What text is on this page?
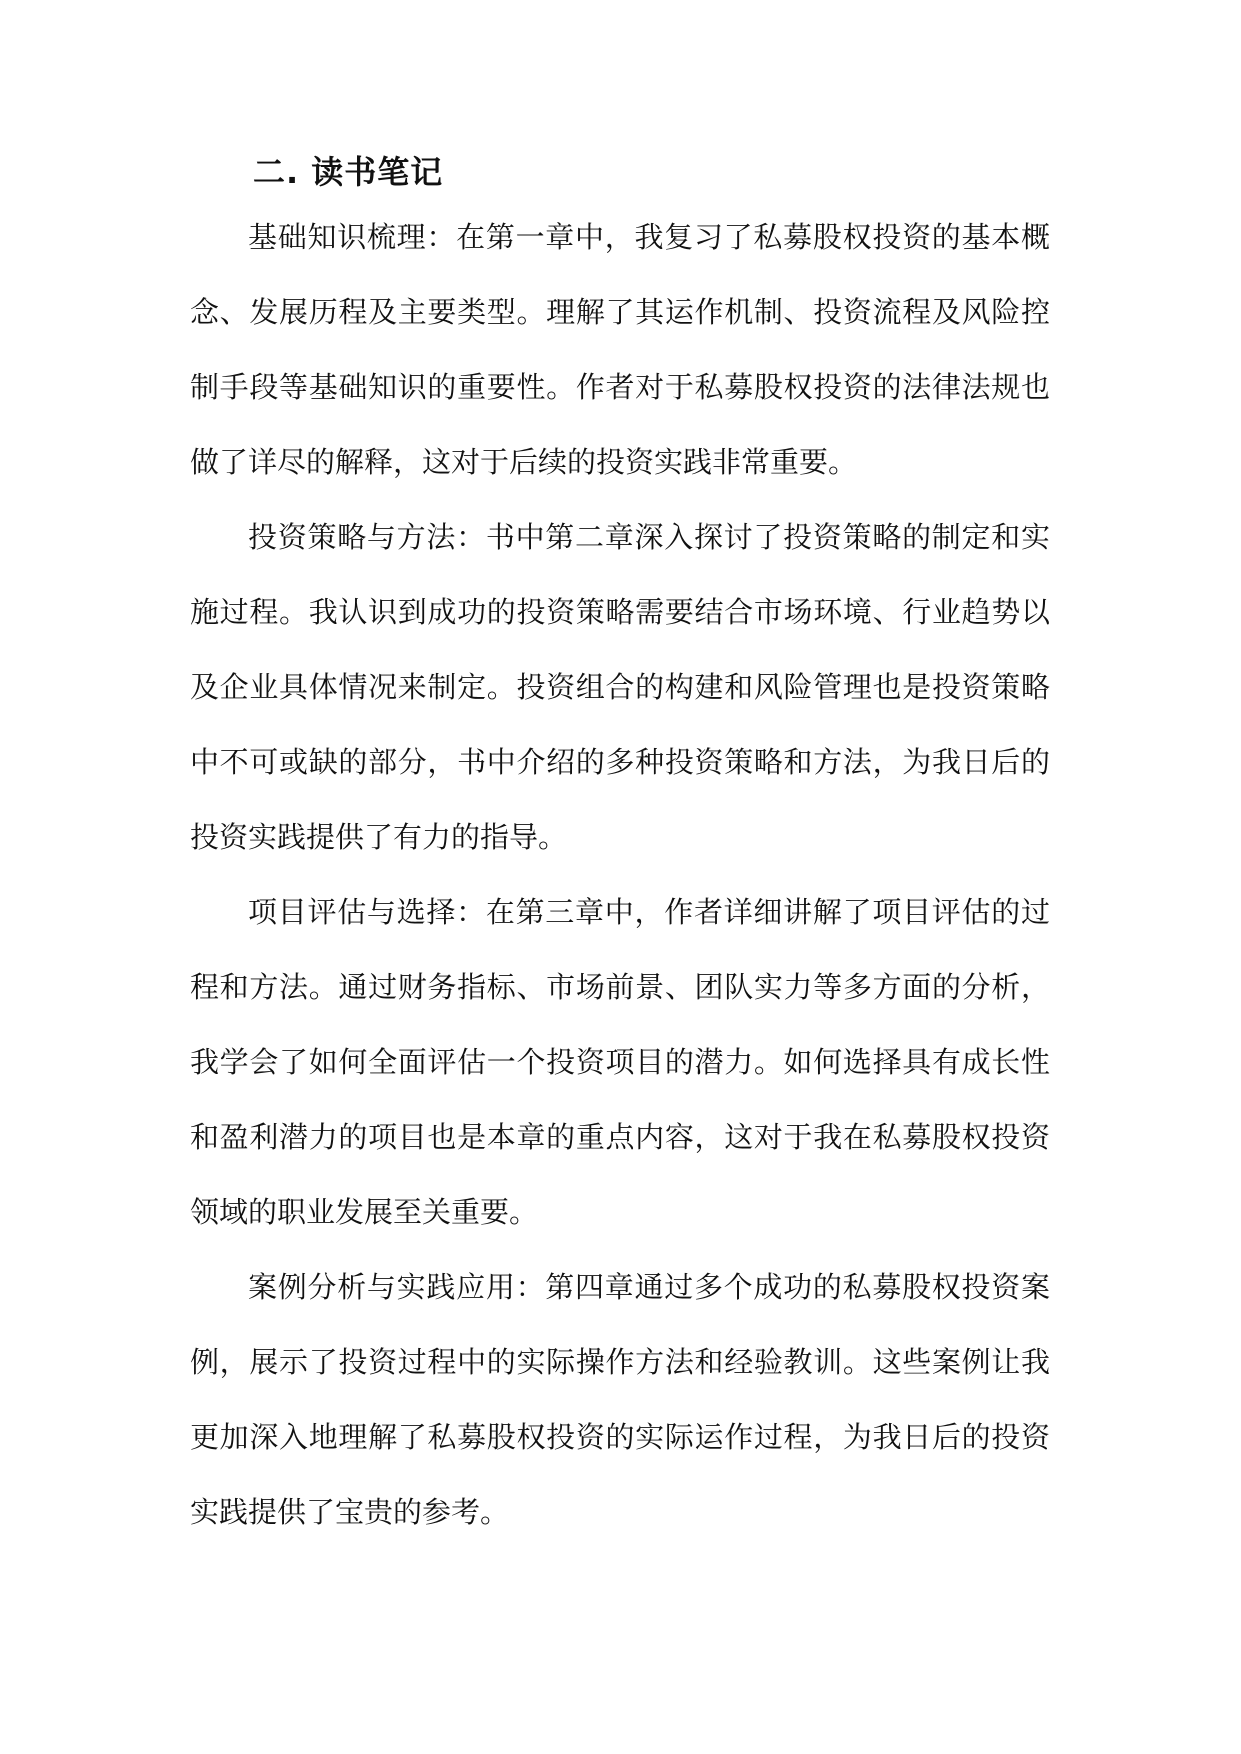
二. 读书笔记

基础知识梳理：在第一章中，我复习了私募股权投资的基本概念、发展历程及主要类型。理解了其运作机制、投资流程及风险控制手段等基础知识的重要性。作者对于私募股权投资的法律法规也做了详尽的解释，这对于后续的投资实践非常重要。

投资策略与方法：书中第二章深入探讨了投资策略的制定和实施过程。我认识到成功的投资策略需要结合市场环境、行业趋势以及企业具体情况来制定。投资组合的构建和风险管理也是投资策略中不可或缺的部分，书中介绍的多种投资策略和方法，为我日后的投资实践提供了有力的指导。

项目评估与选择：在第三章中，作者详细讲解了项目评估的过程和方法。通过财务指标、市场前景、团队实力等多方面的分析，我学会了如何全面评估一个投资项目的潜力。如何选择具有成长性和盈利潜力的项目也是本章的重点内容，这对于我在私募股权投资领域的职业发展至关重要。

案例分析与实践应用：第四章通过多个成功的私募股权投资案例，展示了投资过程中的实际操作方法和经验教训。这些案例让我更加深入地理解了私募股权投资的实际运作过程，为我日后的投资实践提供了宝贵的参考。
